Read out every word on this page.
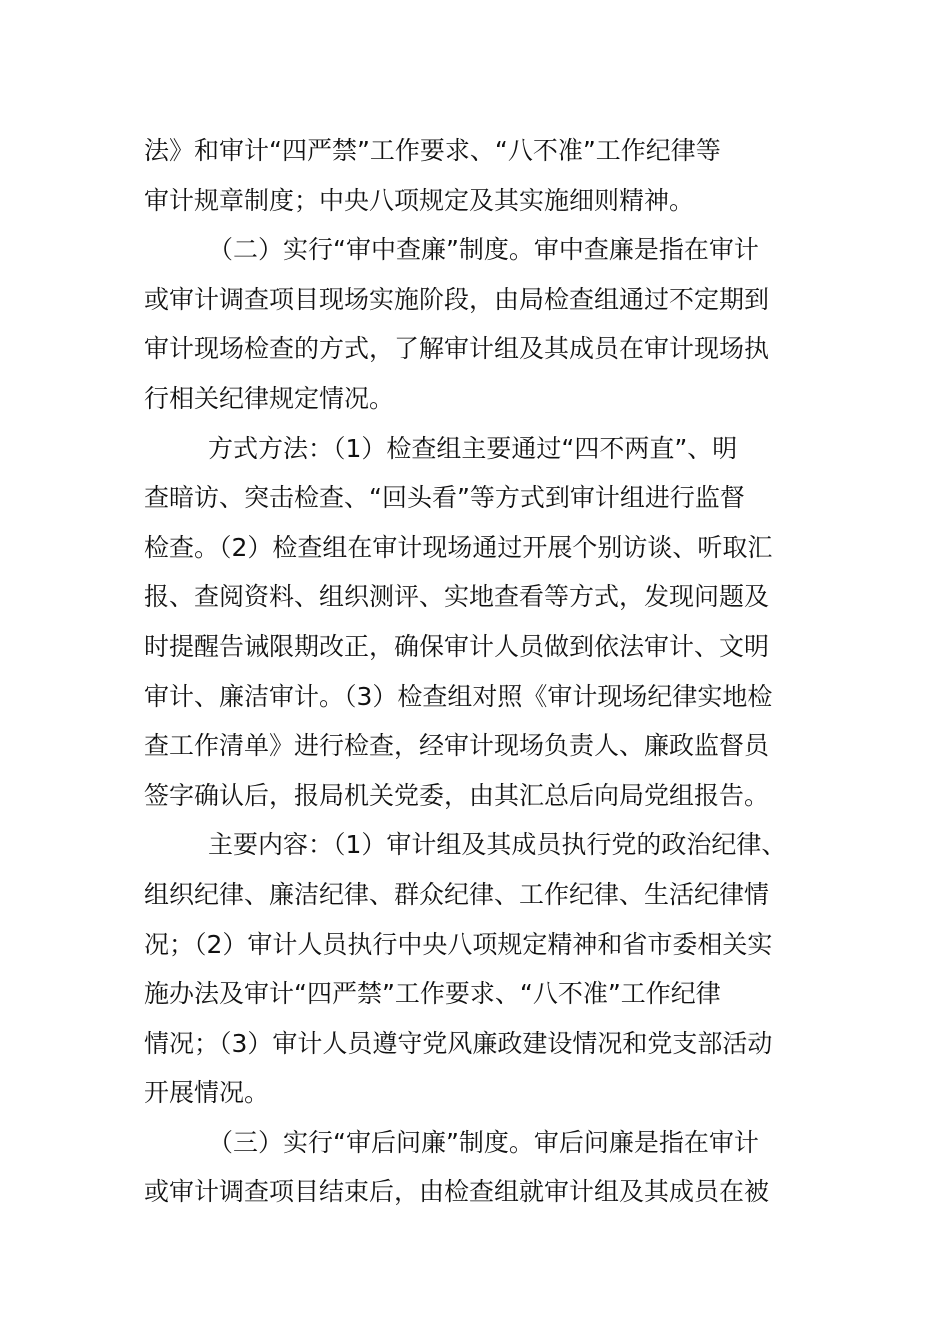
法》和审计“四严禁”工作要求、“八不准”工作纪律等
审计规章制度；中央八项规定及其实施细则精神。
（二）实行“审中查廉”制度。审中查廉是指在审计
或审计调查项目现场实施阶段，由局检查组通过不定期到
审计现场检查的方式，了解审计组及其成员在审计现场执
行相关纪律规定情况。
方式方法：（1）检查组主要通过“四不两直”、明
查暗访、突击检查、“回头看”等方式到审计组进行监督
检查。（2）检查组在审计现场通过开展个别访谈、听取汇
报、查阅资料、组织测评、实地查看等方式，发现问题及
时提醒告诫限期改正，确保审计人员做到依法审计、文明
审计、廉洁审计。（3）检查组对照《审计现场纪律实地检
查工作清单》进行检查，经审计现场负责人、廉政监督员
签字确认后，报局机关党委，由其汇总后向局党组报告。
主要内容：（1）审计组及其成员执行党的政治纪律、
组织纪律、廉洁纪律、群众纪律、工作纪律、生活纪律情
况；（2）审计人员执行中央八项规定精神和省市委相关实
施办法及审计“四严禁”工作要求、“八不准”工作纪律
情况；（3）审计人员遵守党风廉政建设情况和党支部活动
开展情况。
（三）实行“审后问廉”制度。审后问廉是指在审计
或审计调查项目结束后，由检查组就审计组及其成员在被
